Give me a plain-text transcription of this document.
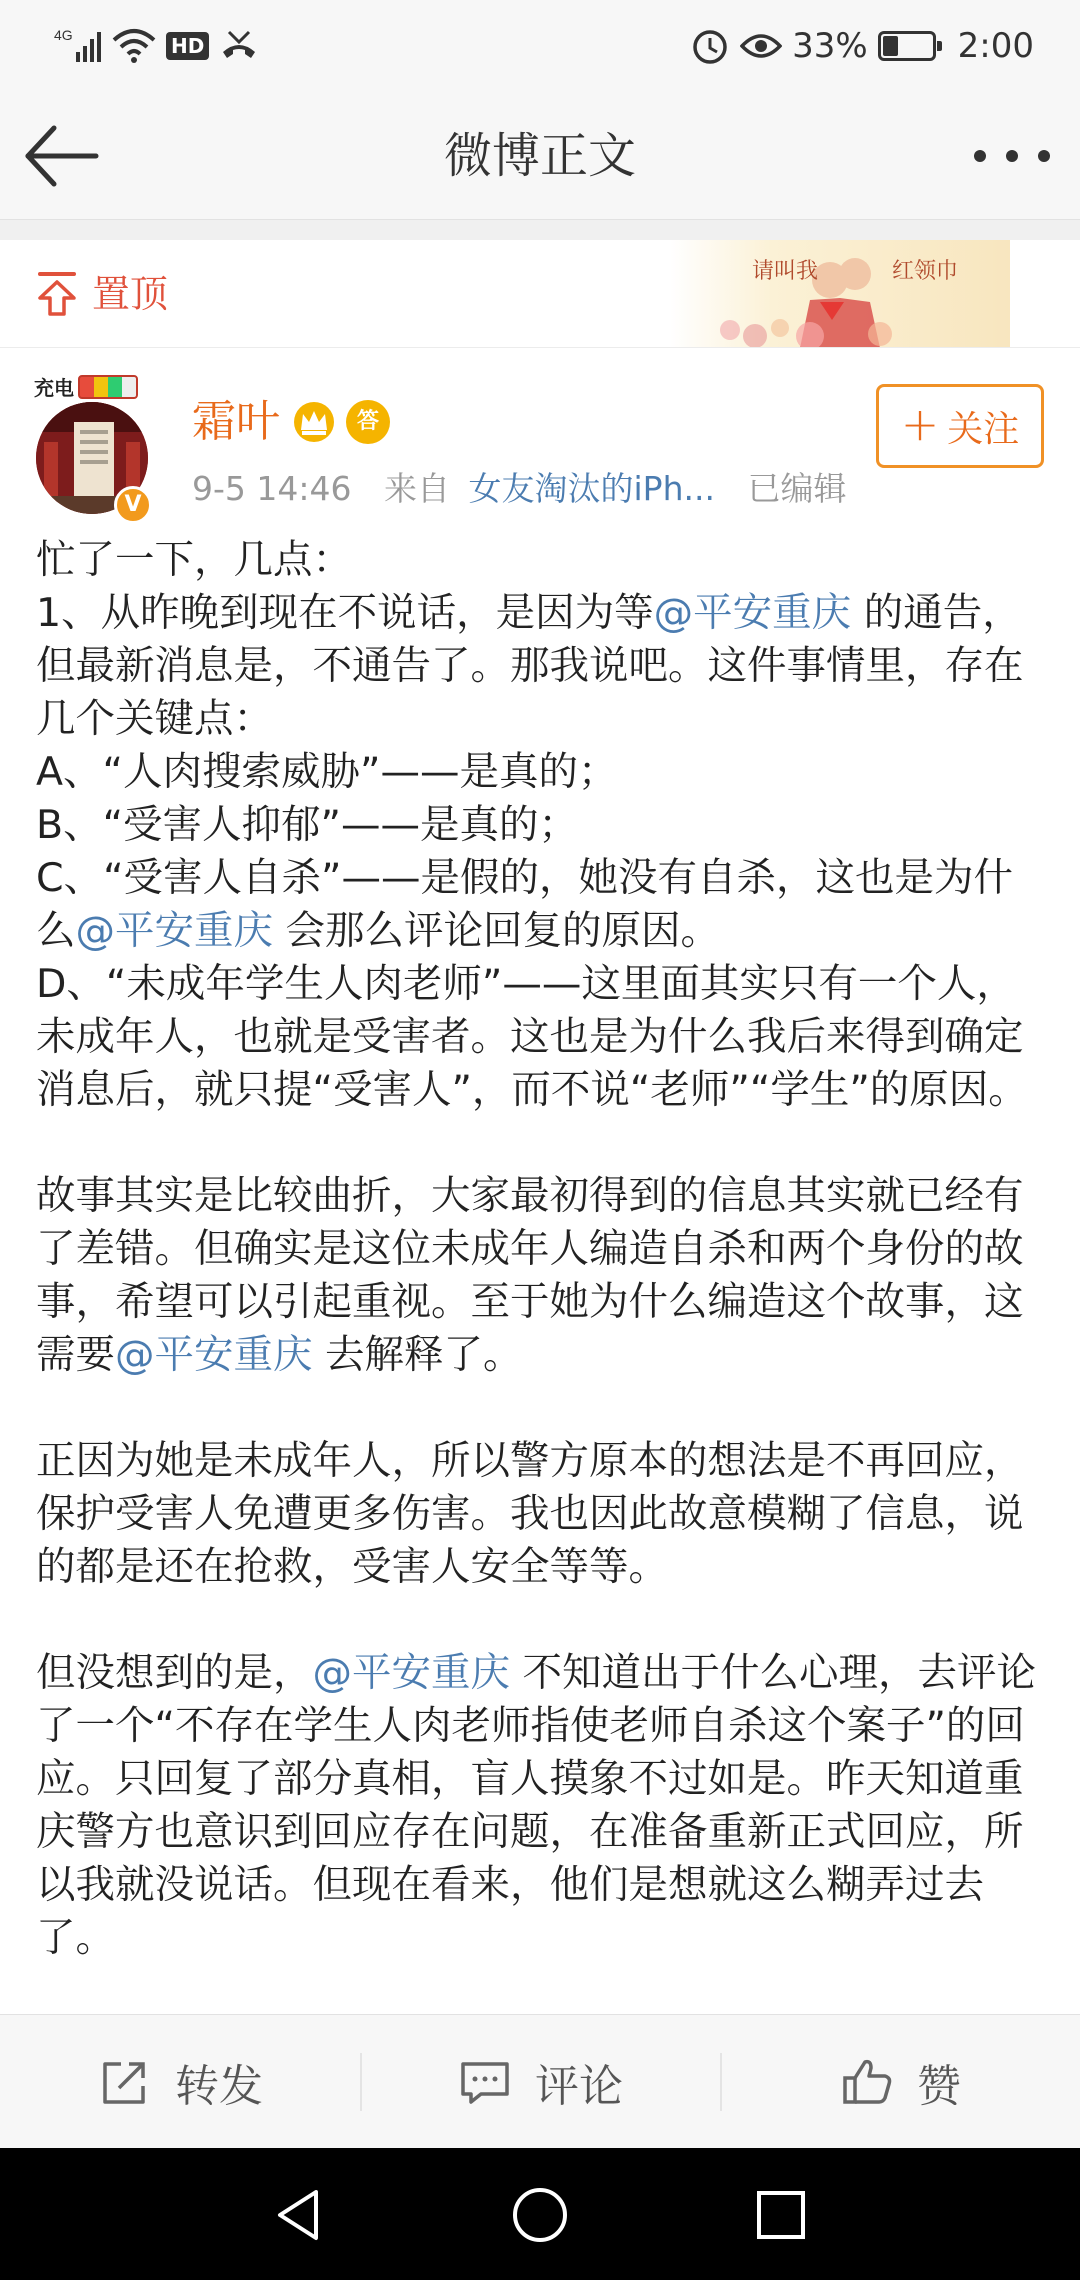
4G	HD	33%	2:00
微博正文
置顶
请叫我	红领巾
充电
V
霜叶	答
9-5 14:46 来自 女友淘汰的iPh... 已编辑
+ 关注

忙了一下，几点：

1、从昨晚到现在不说话，是因为等@平安重庆 的通告，但最新消息是，不通告了。那我说吧。这件事情里，存在几个关键点：

A、“人肉搜索威胁”——是真的；

B、“受害人抑郁”——是真的；

C、“受害人自杀”——是假的，她没有自杀，这也是为什么@平安重庆 会那么评论回复的原因。

D、“未成年学生人肉老师”——这里面其实只有一个人，未成年人，也就是受害者。这也是为什么我后来得到确定消息后，就只提“受害人”，而不说“老师”“学生”的原因。

故事其实是比较曲折，大家最初得到的信息其实就已经有了差错。但确实是这位未成年人编造自杀和两个身份的故事，希望可以引起重视。至于她为什么编造这个故事，这需要@平安重庆 去解释了。

正因为她是未成年人，所以警方原本的想法是不再回应，保护受害人免遭更多伤害。我也因此故意模糊了信息，说的都是还在抢救，受害人安全等等。

但没想到的是，@平安重庆 不知道出于什么心理，去评论了一个“不存在学生人肉老师指使老师自杀这个案子”的回应。只回复了部分真相，盲人摸象不过如是。昨天知道重庆警方也意识到回应存在问题，在准备重新正式回应，所以我就没说话。但现在看来，他们是想就这么糊弄过去了。

转发	评论	赞
